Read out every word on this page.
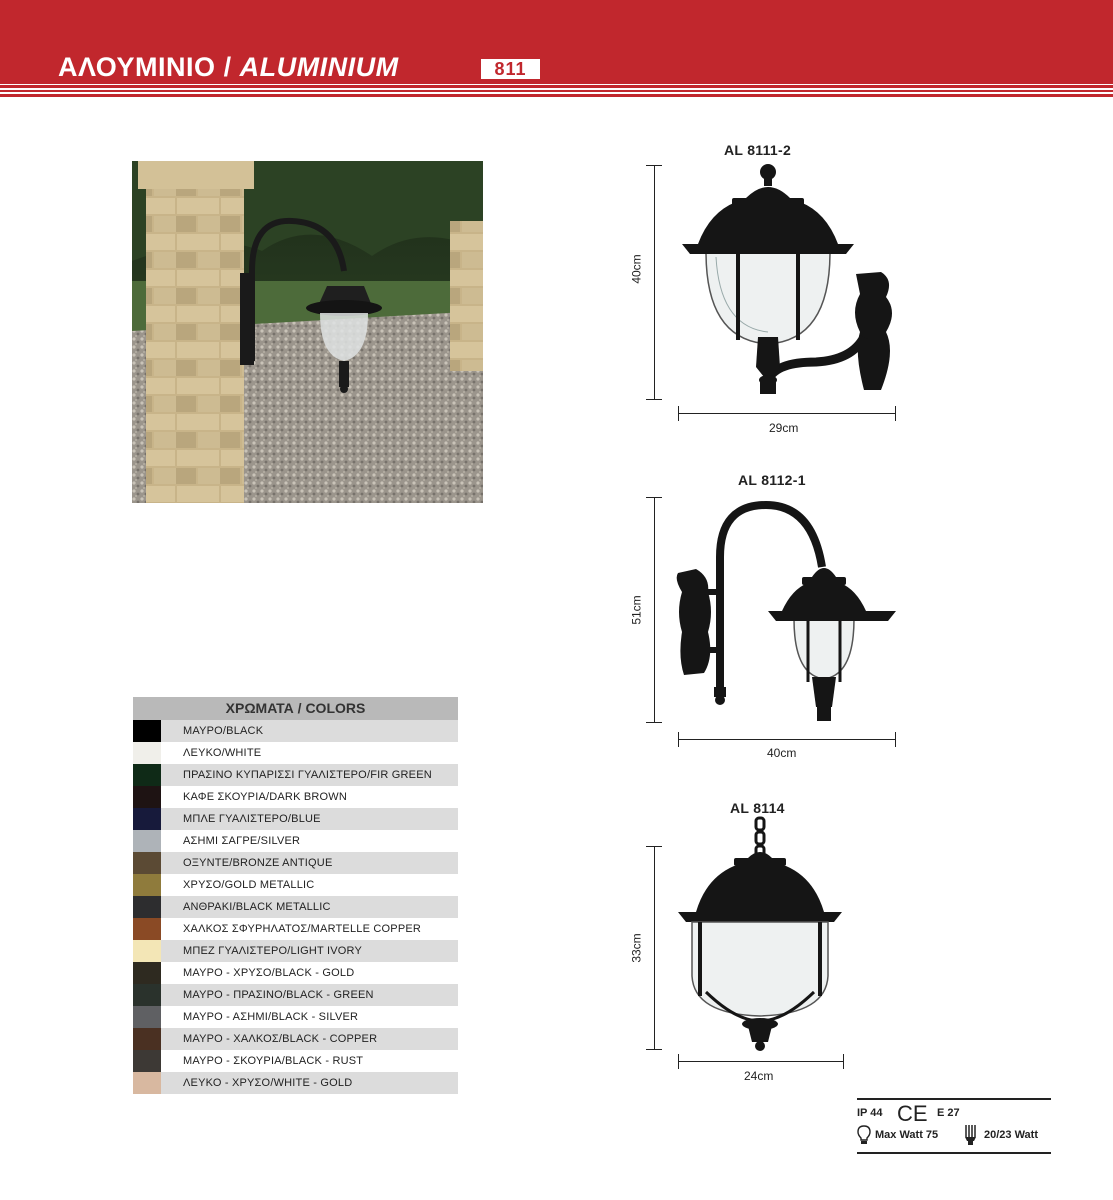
ΑΛΟΥΜΙΝΙΟ / ALUMINIUM	811
ΧΡΩΜΑΤΑ / COLORS
ΜΑΥΡΟ/BLACK
ΛΕΥΚΟ/WHITE
ΠΡΑΣΙΝΟ ΚΥΠΑΡΙΣΣΙ ΓΥΑΛΙΣΤΕΡΟ/FIR GREEN
ΚΑΦΕ ΣΚΟΥΡΙΑ/DARK BROWN
ΜΠΛΕ ΓΥΑΛΙΣΤΕΡΟ/BLUE
ΑΣΗΜΙ ΣΑΓΡΕ/SILVER
ΟΞΥΝΤΕ/BRONZE ANTIQUE
ΧΡΥΣΟ/GOLD METALLIC
ΑΝΘΡΑΚΙ/BLACK METALLIC
ΧΑΛΚΟΣ ΣΦΥΡΗΛΑΤΟΣ/MARTELLE COPPER
ΜΠΕΖ ΓΥΑΛΙΣΤΕΡΟ/LIGHT IVORY
ΜΑΥΡΟ - ΧΡΥΣΟ/BLACK - GOLD
ΜΑΥΡΟ - ΠΡΑΣΙΝΟ/BLACK - GREEN
ΜΑΥΡΟ - ΑΣΗΜΙ/BLACK - SILVER
ΜΑΥΡΟ - ΧΑΛΚΟΣ/BLACK - COPPER
ΜΑΥΡΟ - ΣΚΟΥΡΙΑ/BLACK - RUST
ΛΕΥΚΟ - ΧΡΥΣΟ/WHITE - GOLD
AL 8111-2
40cm
29cm
AL 8112-1
51cm
40cm
AL 8114
33cm
24cm
IP 44 CE E 27
Max Watt 75	20/23 Watt
